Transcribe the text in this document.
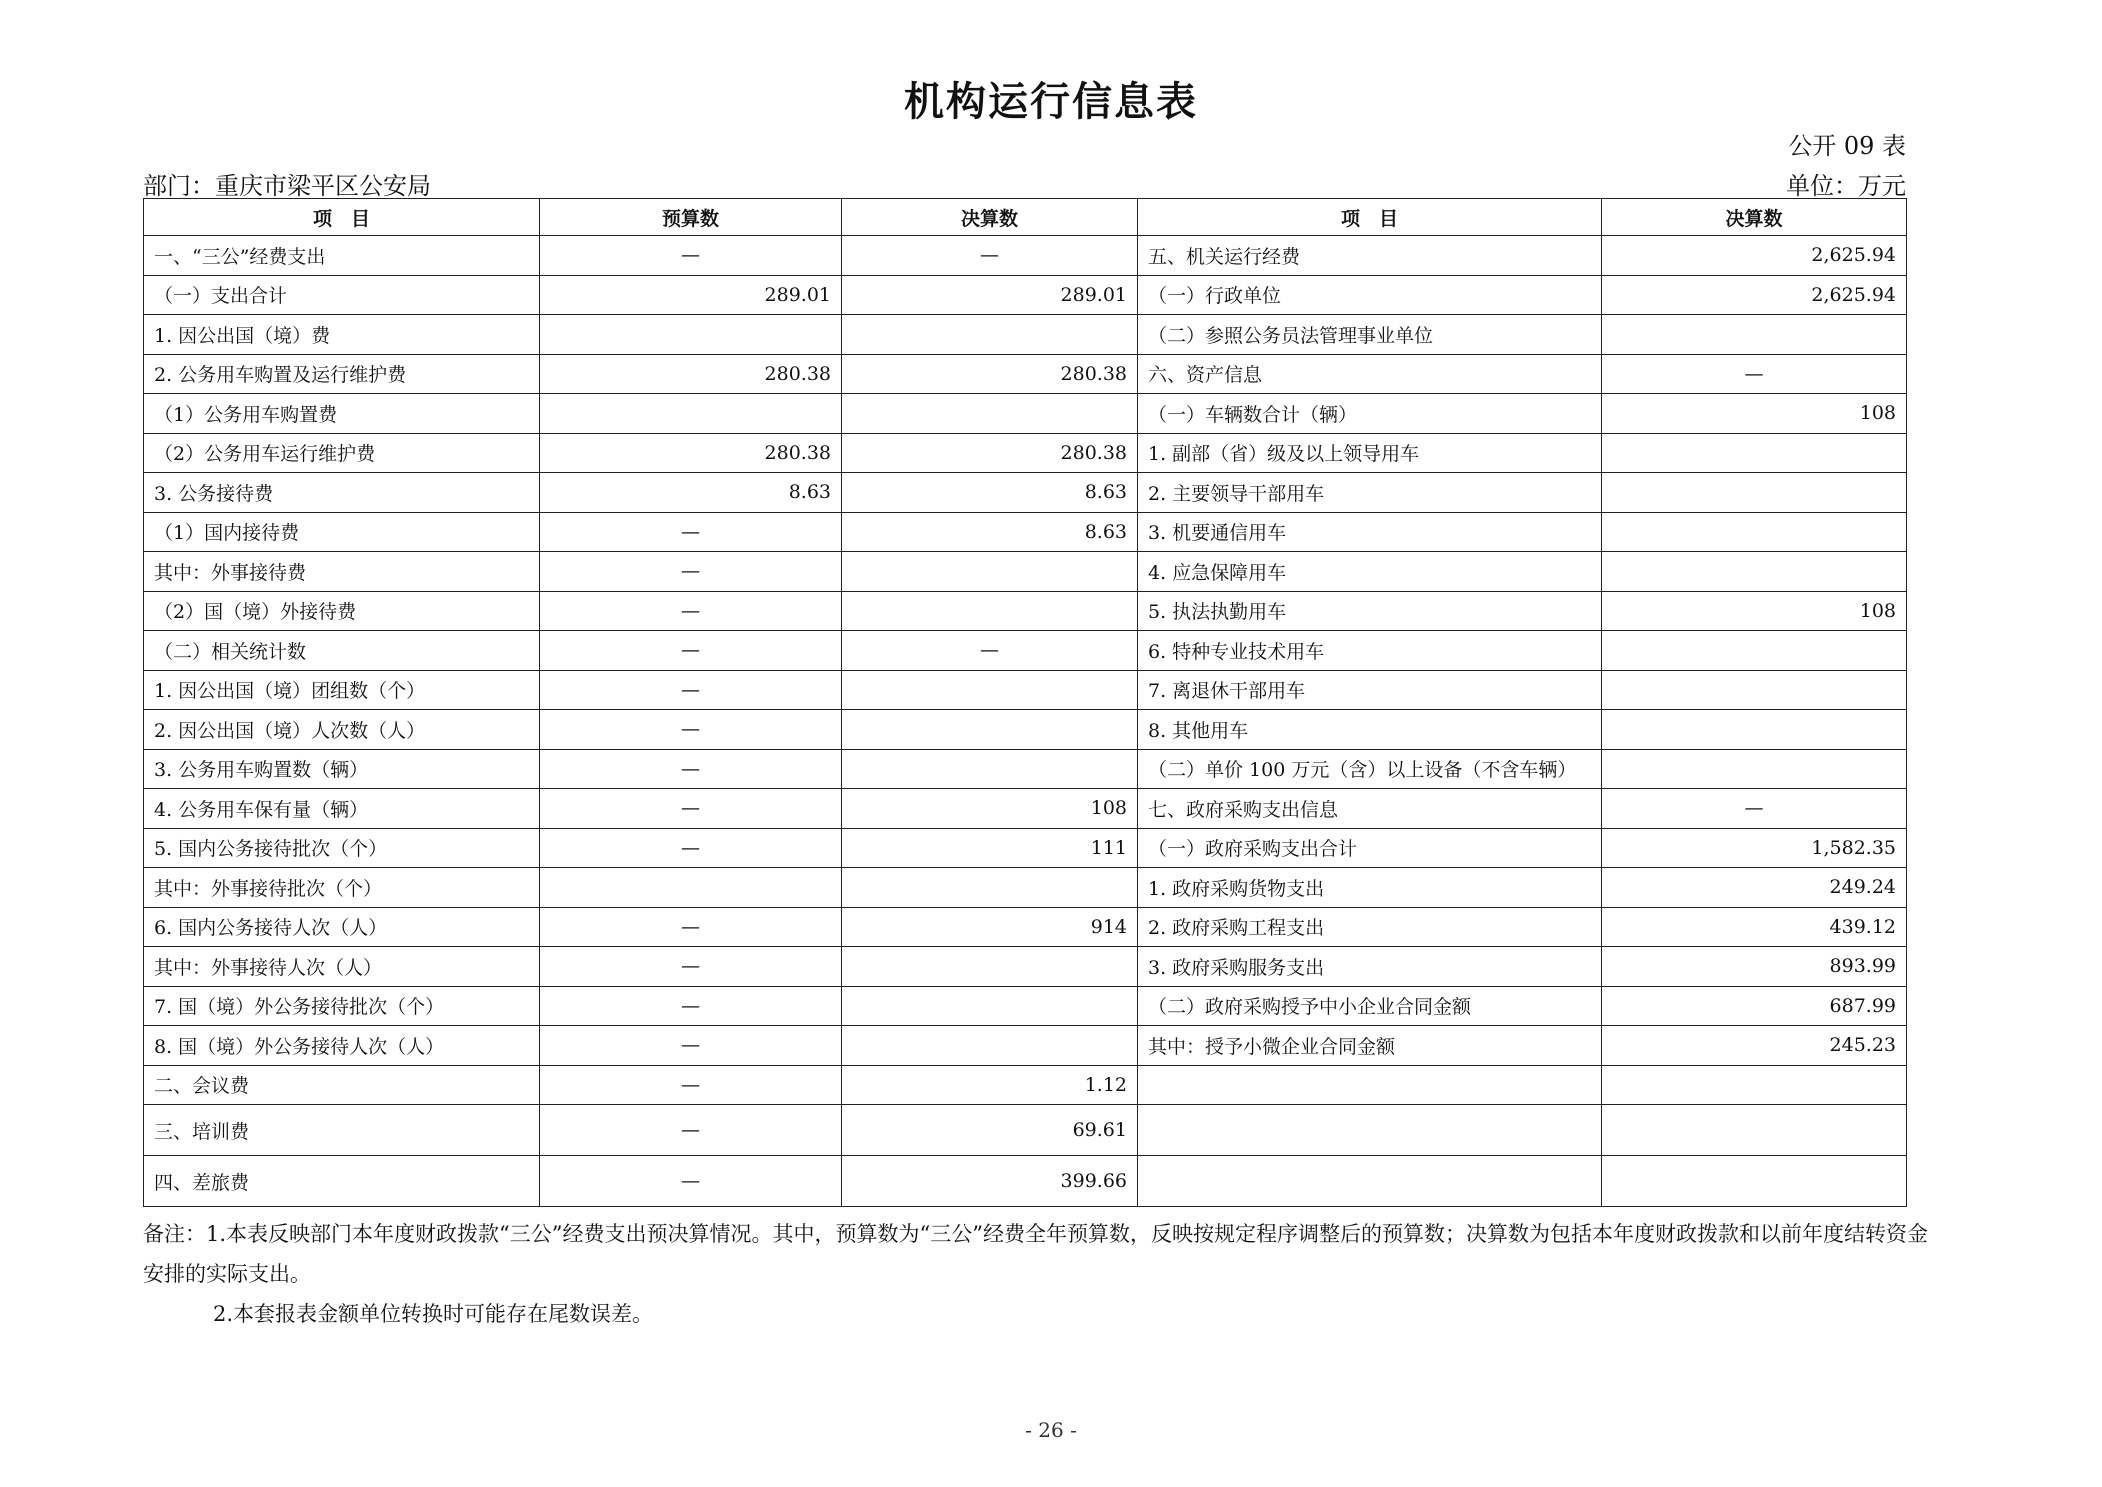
机构运行信息表
公开 09 表
部门：重庆市梁平区公安局	单位：万元
项　目	预算数	决算数	项　目	决算数
一、“三公”经费支出	—	—	五、机关运行经费	2,625.94
（一）支出合计	289.01	289.01	（一）行政单位	2,625.94
1. 因公出国（境）费			（二）参照公务员法管理事业单位	
2. 公务用车购置及运行维护费	280.38	280.38	六、资产信息	—
（1）公务用车购置费			（一）车辆数合计（辆）	108
（2）公务用车运行维护费	280.38	280.38	1. 副部（省）级及以上领导用车	
3. 公务接待费	8.63	8.63	2. 主要领导干部用车	
（1）国内接待费	—	8.63	3. 机要通信用车	
其中：外事接待费	—		4. 应急保障用车	
（2）国（境）外接待费	—		5. 执法执勤用车	108
（二）相关统计数	—	—	6. 特种专业技术用车	
1. 因公出国（境）团组数（个）	—		7. 离退休干部用车	
2. 因公出国（境）人次数（人）	—		8. 其他用车	
3. 公务用车购置数（辆）	—		（二）单价 100 万元（含）以上设备（不含车辆）	
4. 公务用车保有量（辆）	—	108	七、政府采购支出信息	—
5. 国内公务接待批次（个）	—	111	（一）政府采购支出合计	1,582.35
其中：外事接待批次（个）			1. 政府采购货物支出	249.24
6. 国内公务接待人次（人）	—	914	2. 政府采购工程支出	439.12
其中：外事接待人次（人）	—		3. 政府采购服务支出	893.99
7. 国（境）外公务接待批次（个）	—		（二）政府采购授予中小企业合同金额	687.99
8. 国（境）外公务接待人次（人）	—		其中：授予小微企业合同金额	245.23
二、会议费	—	1.12		
三、培训费	—	69.61		
四、差旅费	—	399.66		
备注：1.本表反映部门本年度财政拨款“三公”经费支出预决算情况。其中，预算数为“三公”经费全年预算数，反映按规定程序调整后的预算数；决算数为包括本年度财政拨款和以前年度结转资金
安排的实际支出。
2.本套报表金额单位转换时可能存在尾数误差。
- 26 -
